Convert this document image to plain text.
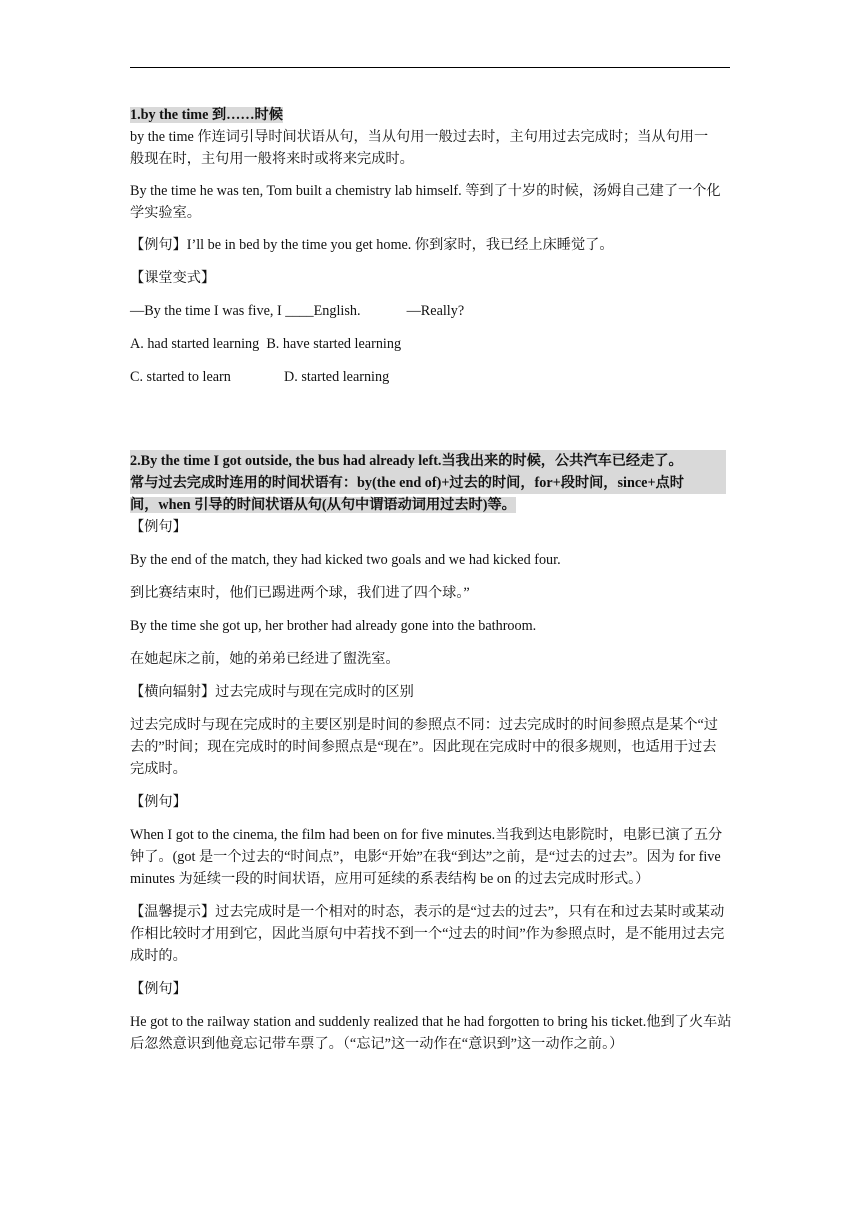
1.by the time 到……时候

by the time 作连词引导时间状语从句，当从句用一般过去时，主句用过去完成时；当从句用一般现在时，主句用一般将来时或将来完成时。

By the time he was ten, Tom built a chemistry lab himself. 等到了十岁的时候，汤姆自己建了一个化学实验室。

【例句】I’ll be in bed by the time you get home. 你到家时，我已经上床睡觉了。

【课堂变式】

—By the time I was five, I ____English.             —Really?

A. had started learning B. have started learning

C. started to learn	D. started learning

2.By the time I got outside, the bus had already left.当我出来的时候，公共汽车已经走了。

常与过去完成时连用的时间状语有：by(the end of)+过去的时间，for+段时间，since+点时

间，when 引导的时间状语从句(从句中谓语动词用过去时)等。

【例句】

By the end of the match, they had kicked two goals and we had kicked four.

到比赛结束时，他们已踢进两个球，我们进了四个球。”

By the time she got up, her brother had already gone into the bathroom.

在她起床之前，她的弟弟已经进了盥洗室。

【横向辐射】过去完成时与现在完成时的区别

过去完成时与现在完成时的主要区别是时间的参照点不同：过去完成时的时间参照点是某个“过去的”时间；现在完成时的时间参照点是“现在”。因此现在完成时中的很多规则，也适用于过去完成时。

【例句】

When I got to the cinema, the film had been on for five minutes.当我到达电影院时，电影已演了五分钟了。(got 是一个过去的“时间点”，电影“开始”在我“到达”之前，是“过去的过去”。因为 for five minutes 为延续一段的时间状语，应用可延续的系表结构 be on 的过去完成时形式。）

【温馨提示】过去完成时是一个相对的时态，表示的是“过去的过去”，只有在和过去某时或某动作相比较时才用到它，因此当原句中若找不到一个“过去的时间”作为参照点时，是不能用过去完成时的。

【例句】

He got to the railway station and suddenly realized that he had forgotten to bring his ticket.他到了火车站后忽然意识到他竟忘记带车票了。（“忘记”这一动作在“意识到”这一动作之前。）
